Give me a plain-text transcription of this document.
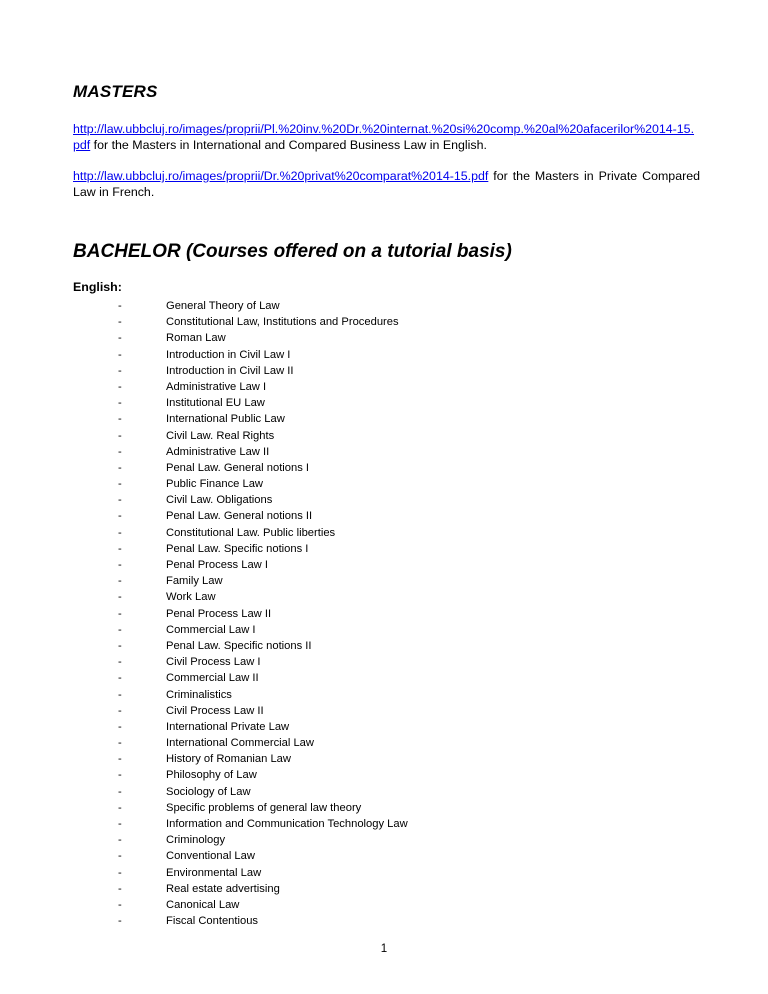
MASTERS
http://law.ubbcluj.ro/images/proprii/Pl.%20inv.%20Dr.%20internat.%20si%20comp.%20al%20afacerilor%2014-15.pdf for the Masters in International and Compared Business Law in English.
http://law.ubbcluj.ro/images/proprii/Dr.%20privat%20comparat%2014-15.pdf for the Masters in Private Compared Law in French.
BACHELOR (Courses offered on a tutorial basis)
English:
-	General Theory of Law
-	Constitutional Law, Institutions and Procedures
-	Roman Law
-	Introduction in Civil Law I
-	Introduction in Civil Law II
-	Administrative Law I
-	Institutional EU Law
-	International Public Law
-	Civil Law. Real Rights
-	Administrative Law II
-	Penal Law. General notions I
-	Public Finance Law
-	Civil Law. Obligations
-	Penal Law. General notions II
-	Constitutional Law. Public liberties
-	Penal Law. Specific notions I
-	Penal Process Law I
-	Family Law
-	Work Law
-	Penal Process Law II
-	Commercial Law I
-	Penal Law. Specific notions II
-	Civil Process Law I
-	Commercial Law II
-	Criminalistics
-	Civil Process Law II
-	International Private Law
-	International Commercial Law
-	History of Romanian Law
-	Philosophy of Law
-	Sociology of Law
-	Specific problems of general law theory
-	Information and Communication Technology Law
-	Criminology
-	Conventional Law
-	Environmental Law
-	Real estate advertising
-	Canonical Law
-	Fiscal Contentious
1
